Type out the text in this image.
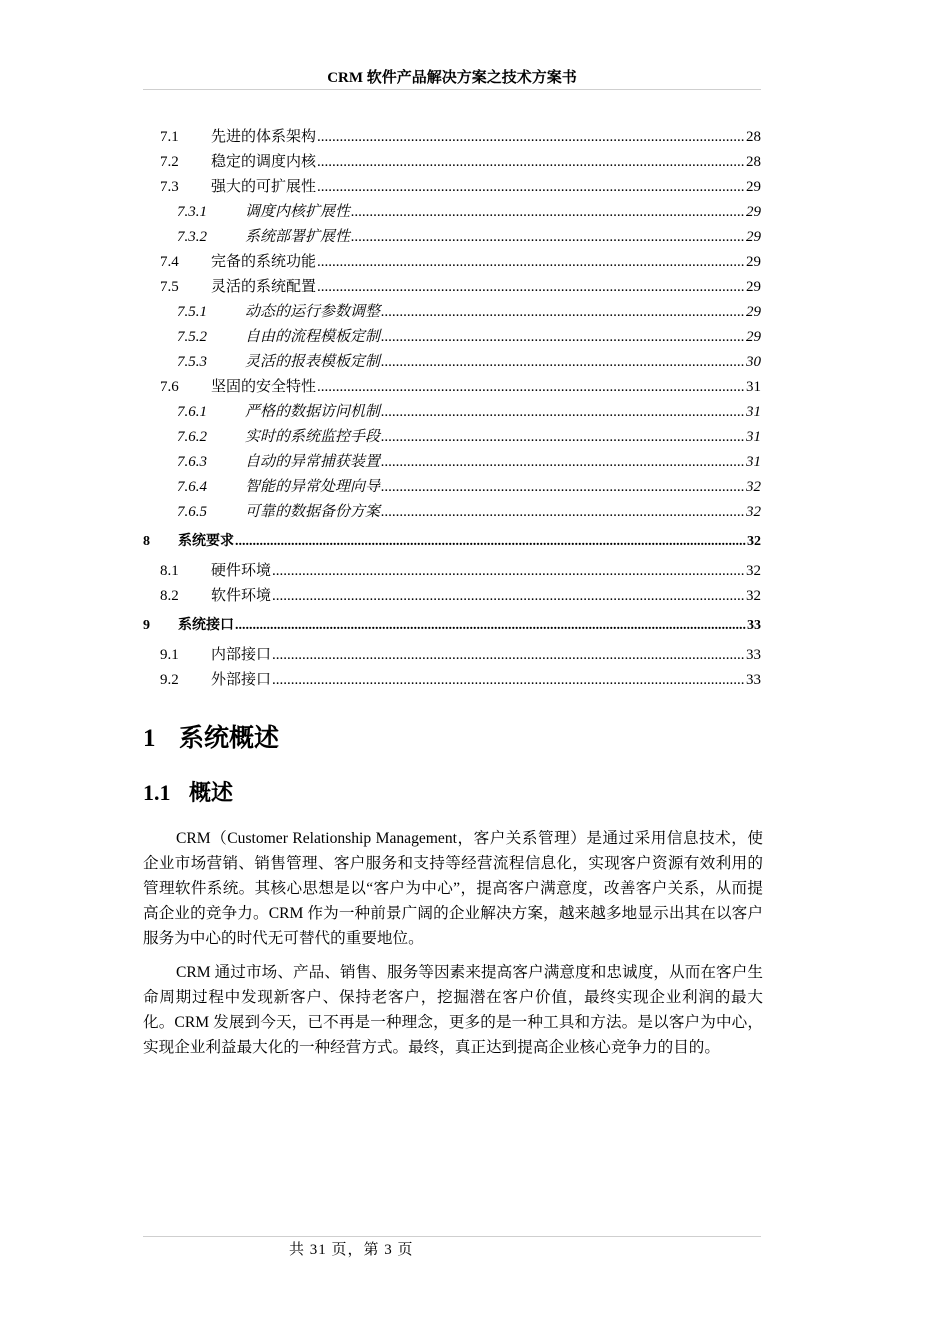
CRM 软件产品解决方案之技术方案书
7.1 先进的体系架构 .....	28
7.2 稳定的调度内核 .....	28
7.3 强大的可扩展性 .....	29
7.3.1	调度内核扩展性 .....	29
7.3.2	系统部署扩展性 .....	29
7.4 完备的系统功能 .....	29
7.5 灵活的系统配置 .....	29
7.5.1	动态的运行参数调整 .....	29
7.5.2	自由的流程模板定制 .....	29
7.5.3	灵活的报表模板定制 .....	30
7.6 坚固的安全特性 .....	31
7.6.1	严格的数据访问机制 .....	31
7.6.2	实时的系统监控手段 .....	31
7.6.3	自动的异常捕获装置 .....	31
7.6.4	智能的异常处理向导 .....	32
7.6.5	可靠的数据备份方案 .....	32
8 系统要求 .....	32
8.1 硬件环境 .....	32
8.2 软件环境 .....	32
9 系统接口 .....	33
9.1 内部接口 .....	33
9.2 外部接口 .....	33
1 系统概述
1.1 概述

CRM（Customer Relationship Management，客户关系管理）是通过采用信息技术，使企业市场营销、销售管理、客户服务和支持等经营流程信息化，实现客户资源有效利用的管理软件系统。其核心思想是以“客户为中心”，提高客户满意度，改善客户关系，从而提高企业的竞争力。CRM 作为一种前景广阔的企业解决方案，越来越多地显示出其在以客户服务为中心的时代无可替代的重要地位。

CRM 通过市场、产品、销售、服务等因素来提高客户满意度和忠诚度，从而在客户生命周期过程中发现新客户、保持老客户，挖掘潜在客户价值，最终实现企业利润的最大化。CRM 发展到今天，已不再是一种理念，更多的是一种工具和方法。是以客户为中心，实现企业利益最大化的一种经营方式。最终，真正达到提高企业核心竞争力的目的。

共 31 页，第 3 页
